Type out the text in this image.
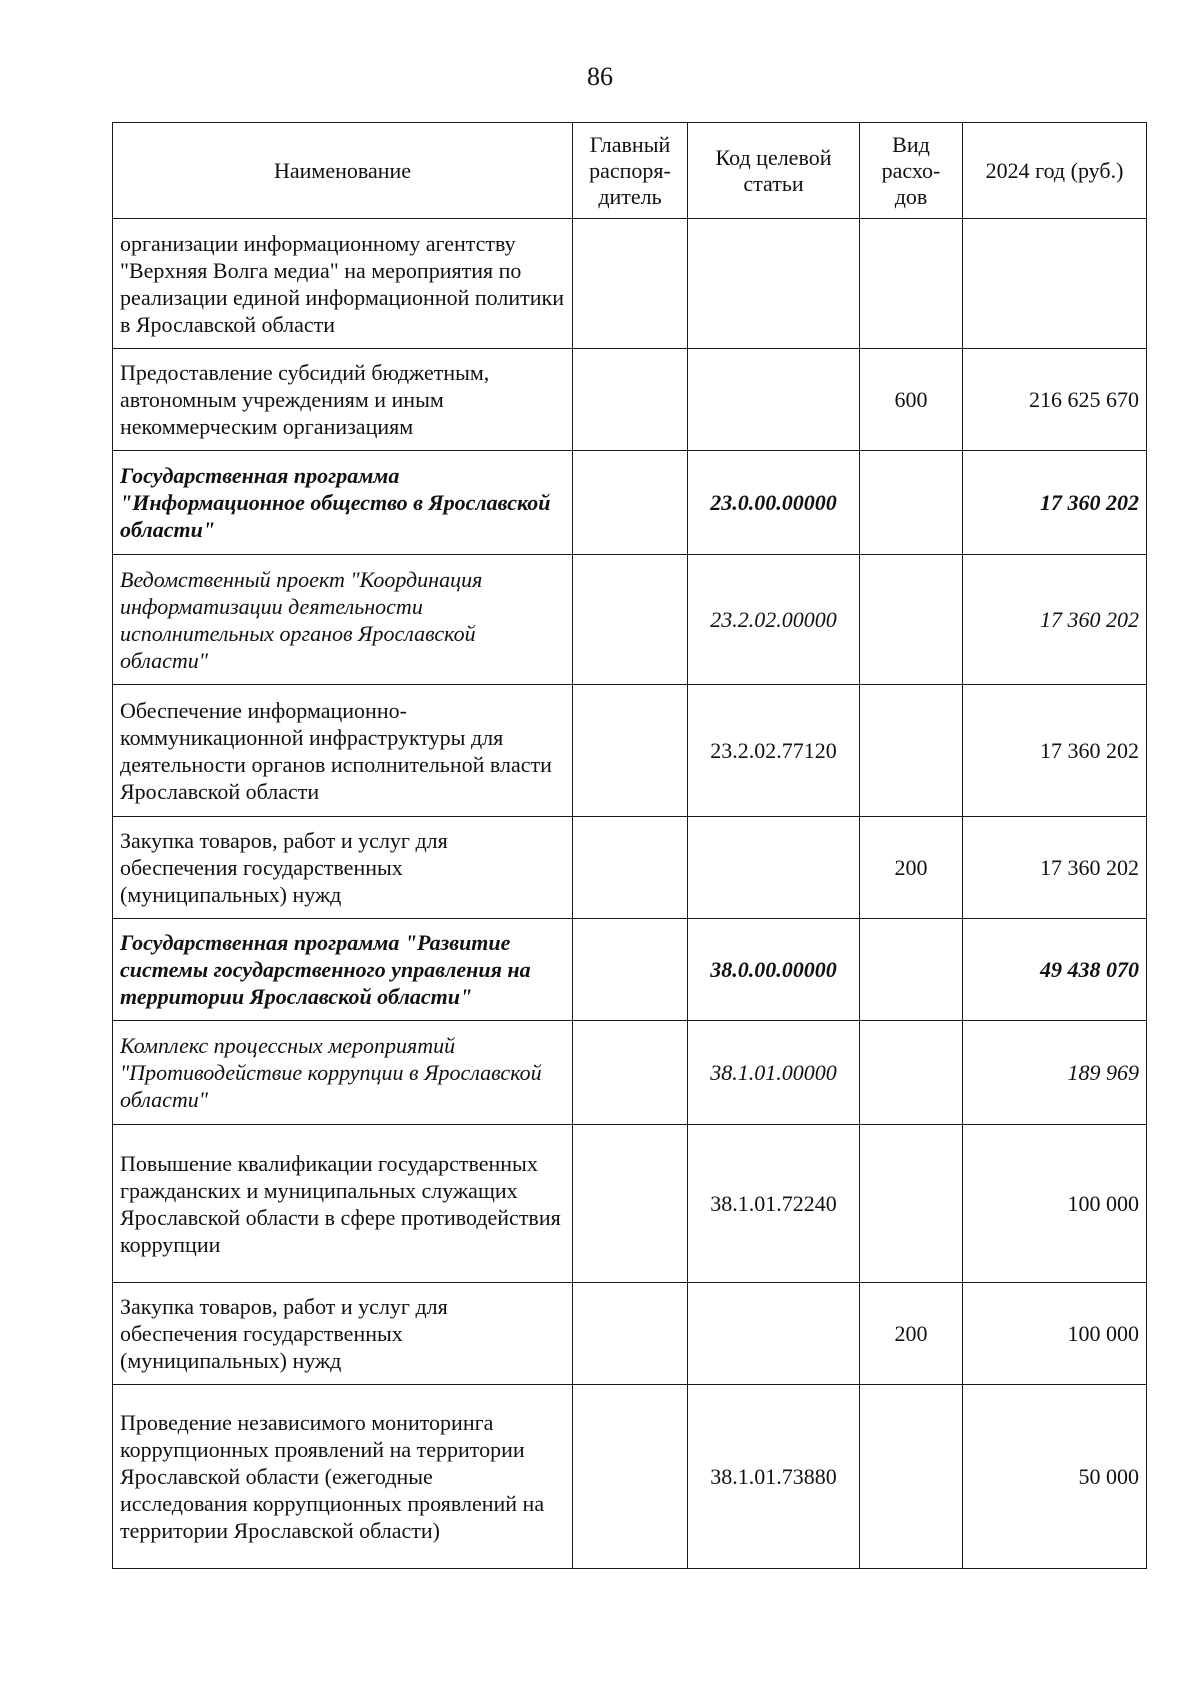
86
Наименование	Главный распоря-дитель	Код целевой статьи	Вид расхо-дов	2024 год (руб.)
организации информационному агентству "Верхняя Волга медиа" на мероприятия по реализации единой информационной политики в Ярославской области				
Предоставление субсидий бюджетным, автономным учреждениям и иным некоммерческим организациям			600	216 625 670
Государственная программа "Информационное общество в Ярославской области"		23.0.00.00000		17 360 202
Ведомственный проект "Координация информатизации деятельности исполнительных органов Ярославской области"		23.2.02.00000		17 360 202
Обеспечение информационно-коммуникационной инфраструктуры для деятельности органов исполнительной власти Ярославской области		23.2.02.77120		17 360 202
Закупка товаров, работ и услуг для обеспечения государственных (муниципальных) нужд			200	17 360 202
Государственная программа "Развитие системы государственного управления на территории Ярославской области"		38.0.00.00000		49 438 070
Комплекс процессных мероприятий "Противодействие коррупции в Ярославской области"		38.1.01.00000		189 969
Повышение квалификации государственных гражданских и муниципальных служащих Ярославской области в сфере противодействия коррупции		38.1.01.72240		100 000
Закупка товаров, работ и услуг для обеспечения государственных (муниципальных) нужд			200	100 000
Проведение независимого мониторинга коррупционных проявлений на территории Ярославской области (ежегодные исследования коррупционных проявлений на территории Ярославской области)		38.1.01.73880		50 000
